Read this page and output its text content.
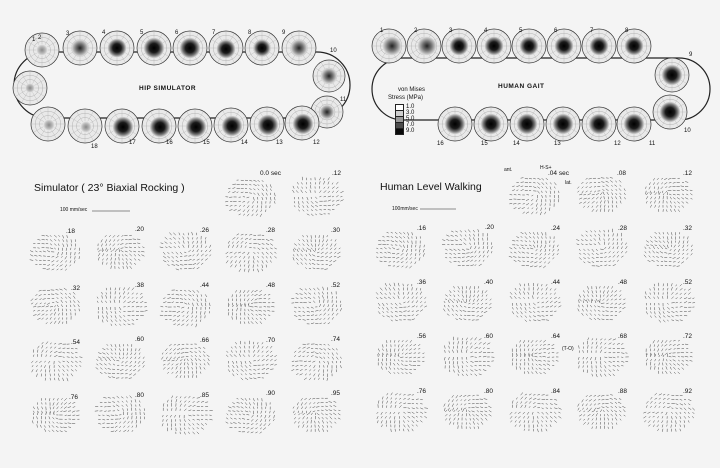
HIP SIMULATOR	HUMAN GAIT
1 2
3	4	5	6	7	8	9
10
11
12
13
14
15
16
17
18
1	2	3	4	5	6	7	8
9
10
11
12
13
14
15
16
von Mises
Stress (MPa)
1.0
3.0
5.0
7.0
9.0
Simulator ( 23° Biaxial Rocking )
100 mm/sec
Human Level Walking
100mm/sec
ant.	H-S+
lat.
(T-O)
0.0 sec	.12
.18	.20	.26	.28	.30
.32	.38	.44	.48	.52
.54	.60	.66	.70	.74
.76	.80	.85	.90	.95
.04 sec	.08	.12
.16	.20	.24	.28	.32
.36	.40	.44	.48	.52
.56	.60	.64	.68	.72
.76	.80	.84	.88	.92
